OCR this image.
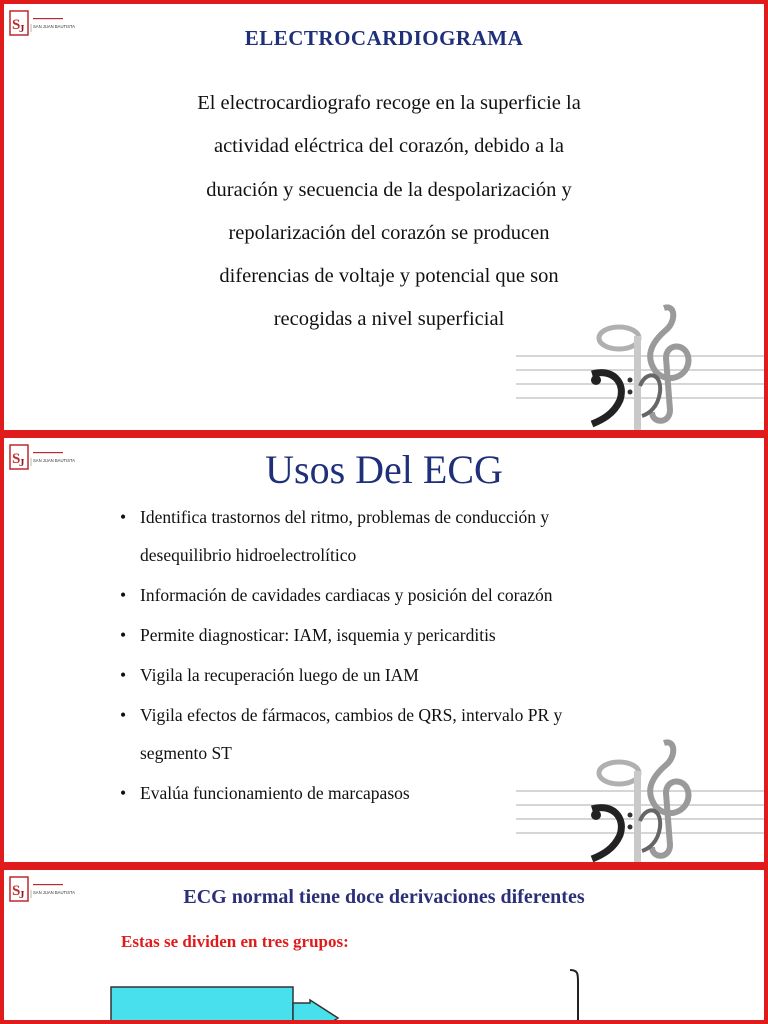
S
J SAN JUAN BAUTISTA	ELECTROCARDIOGRAMA
El electrocardiografo recoge en la superficie la
actividad eléctrica del corazón, debido a la
duración y secuencia de la despolarización y
repolarización del corazón se producen
diferencias de voltaje y potencial que son
recogidas a nivel superficial
S
J SAN JUAN BAUTISTA	Usos Del ECG
• Identifica trastornos del ritmo, problemas de conducción y
desequilibrio hidroelectrolítico
• Información de cavidades cardiacas y posición del corazón
• Permite diagnosticar: IAM, isquemia y pericarditis
• Vigila la recuperación luego de un IAM
• Vigila efectos de fármacos, cambios de QRS, intervalo PR y
segmento ST
• Evalúa funcionamiento de marcapasos
S
J SAN JUAN BAUTISTA	ECG normal tiene doce derivaciones diferentes
Estas se dividen en tres grupos:
